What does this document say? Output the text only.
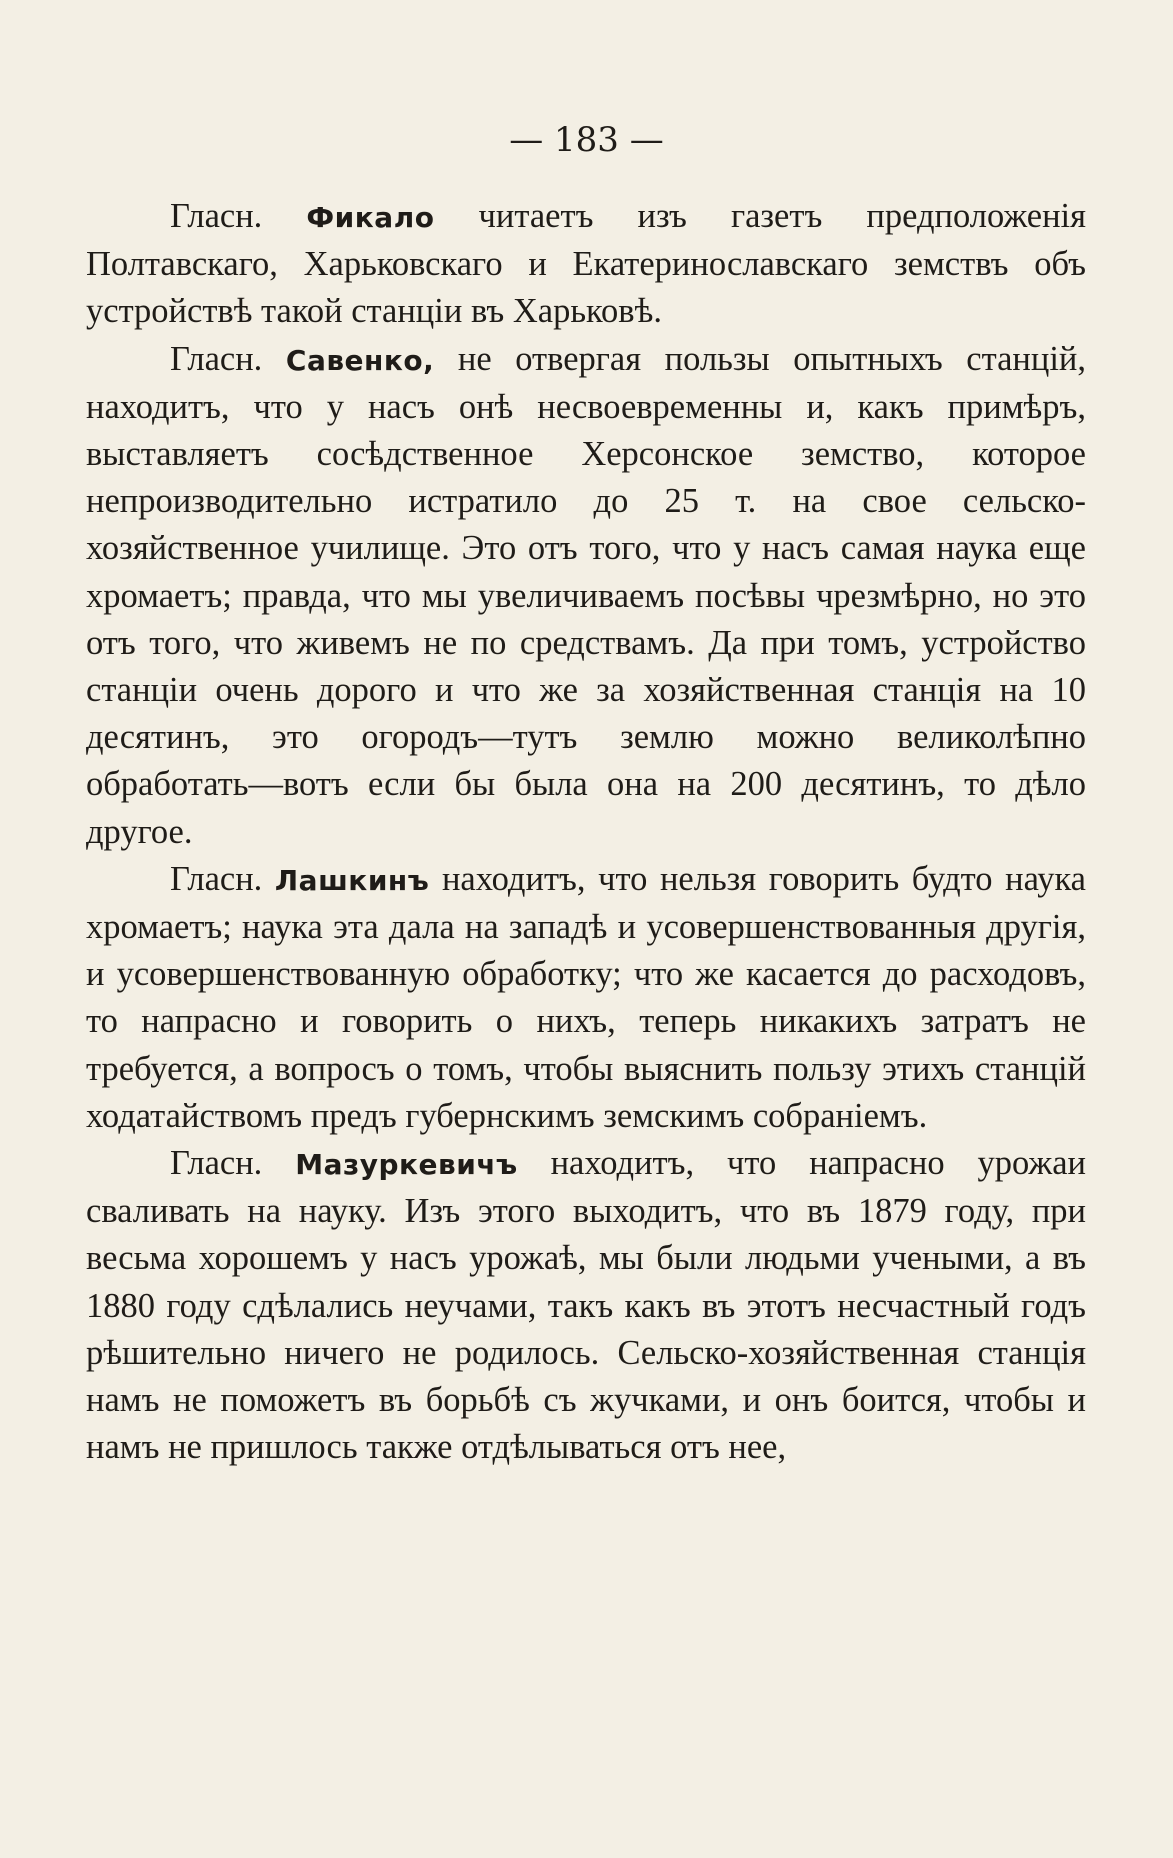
— 183 —

Гласн. Фикало читаетъ изъ газетъ предположенія Полтавскаго, Харьковскаго и Екатеринославскаго земствъ объ устройствѣ такой станціи въ Харьковѣ.

Гласн. Савенко, не отвергая пользы опытныхъ станцій, находитъ, что у насъ онѣ несвоевременны и, какъ примѣръ, выставляетъ сосѣдственное Херсонское земство, которое непроизводительно истратило до 25 т. на свое сельско-хозяйственное училище. Это отъ того, что у насъ самая наука еще хромаетъ; правда, что мы увеличиваемъ посѣвы чрезмѣрно, но это отъ того, что живемъ не по средствамъ. Да при томъ, устройство станціи очень дорого и что же за хозяйственная станція на 10 десятинъ, это огородъ—тутъ землю можно великолѣпно обработать—вотъ если бы была она на 200 десятинъ, то дѣло другое.

Гласн. Лашкинъ находитъ, что нельзя говорить будто наука хромаетъ; наука эта дала на западѣ и усовершенствованныя другія, и усовершенствованную обработку; что же касается до расходовъ, то напрасно и говорить о нихъ, теперь никакихъ затратъ не требуется, а вопросъ о томъ, чтобы выяснить пользу этихъ станцій ходатайствомъ предъ губернскимъ земскимъ собраніемъ.

Гласн. Мазуркевичъ находитъ, что напрасно урожаи сваливать на науку. Изъ этого выходитъ, что въ 1879 году, при весьма хорошемъ у насъ урожаѣ, мы были людьми учеными, а въ 1880 году сдѣлались неучами, такъ какъ въ этотъ несчастный годъ рѣшительно ничего не родилось. Сельско-хозяйственная станція намъ не поможетъ въ борьбѣ съ жучками, и онъ боится, чтобы и намъ не пришлось также отдѣлываться отъ нее,
